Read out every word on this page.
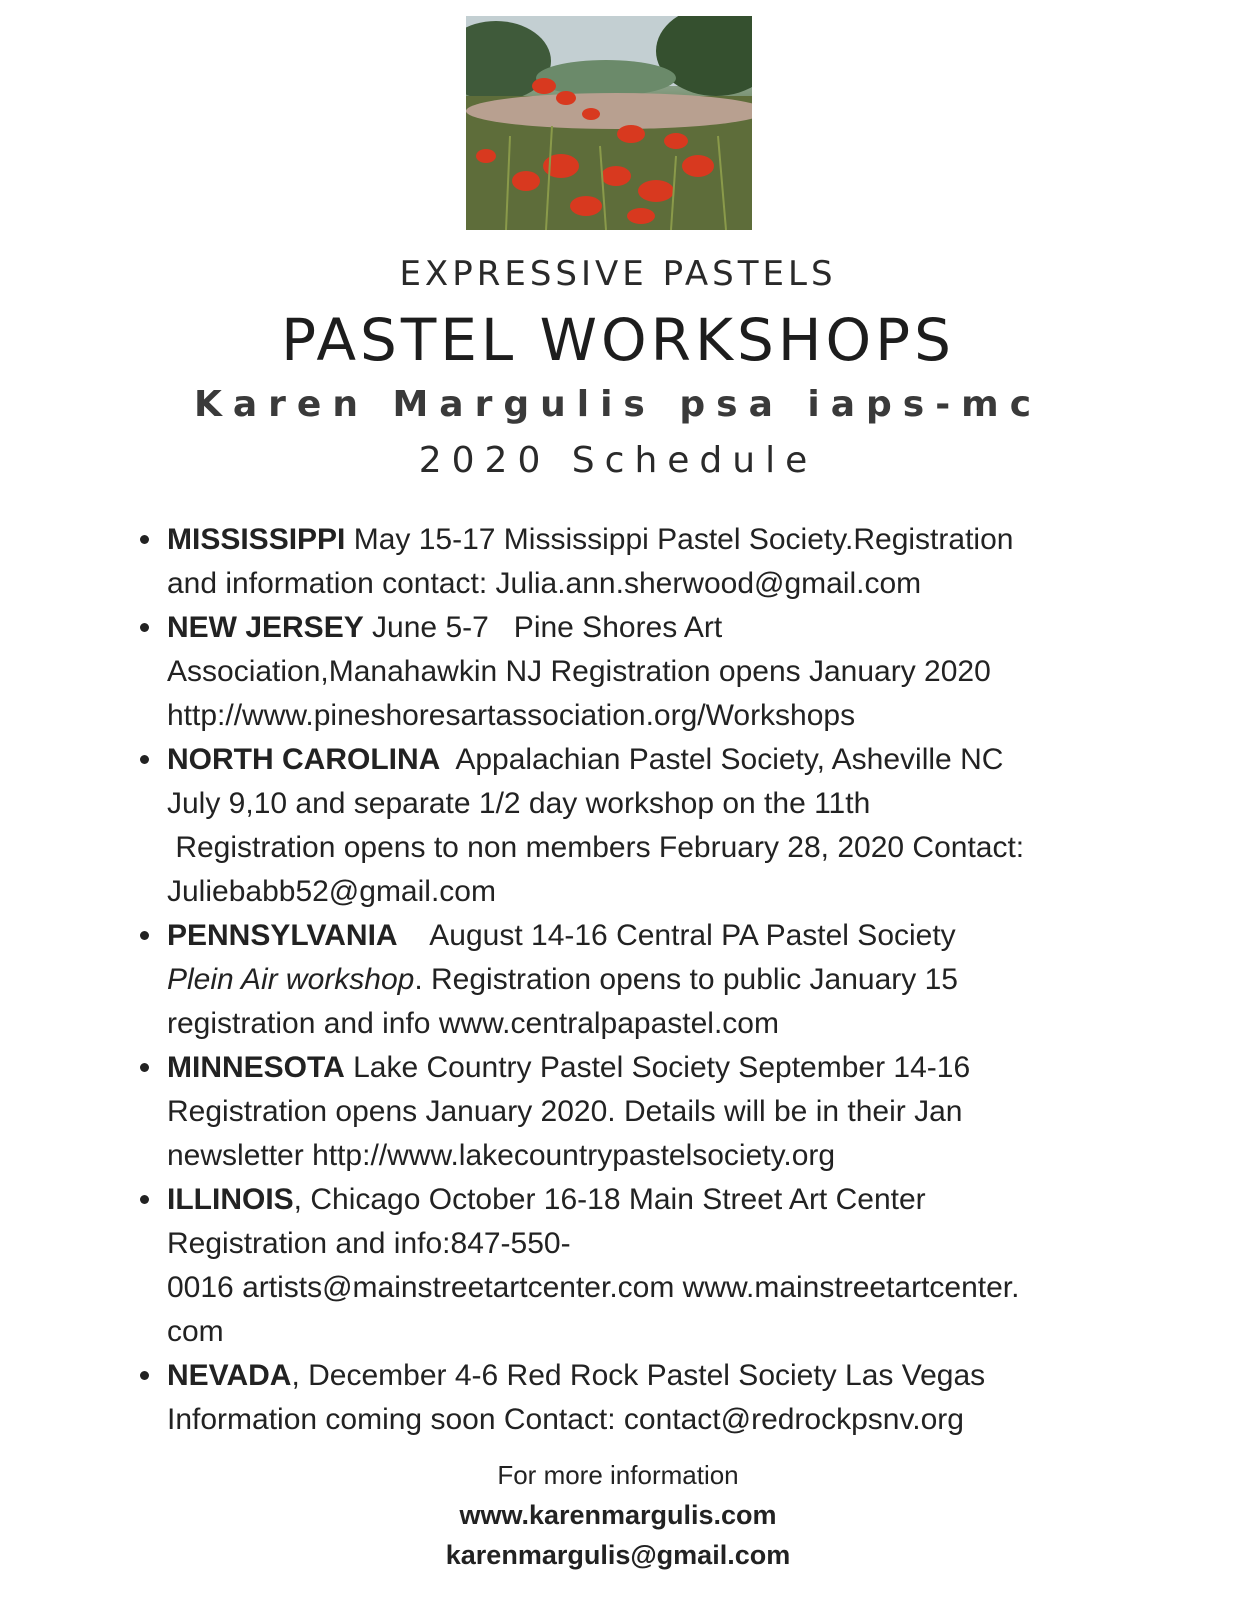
EXPRESSIVE PASTELS
PASTEL WORKSHOPS
Karen Margulis psa iaps-mc
2020 Schedule
MISSISSIPPI May 15-17 Mississippi Pastel Society.Registration
and information contact: Julia.ann.sherwood@gmail.com
NEW JERSEY June 5-7   Pine Shores Art
Association,Manahawkin NJ Registration opens January 2020
http://www.pineshoresartassociation.org/Workshops
NORTH CAROLINA  Appalachian Pastel Society, Asheville NC
July 9,10 and separate 1/2 day workshop on the 11th
Registration opens to non members February 28, 2020 Contact:
Juliebabb52@gmail.com
PENNSYLVANIA    August 14-16 Central PA Pastel Society
Plein Air workshop. Registration opens to public January 15
registration and info www.centralpapastel.com
MINNESOTA Lake Country Pastel Society September 14-16
Registration opens January 2020. Details will be in their Jan
newsletter http://www.lakecountrypastelsociety.org
ILLINOIS, Chicago October 16-18 Main Street Art Center
Registration and info:847-550-
0016 artists@mainstreetartcenter.com www.mainstreetartcenter.
com
NEVADA, December 4-6 Red Rock Pastel Society Las Vegas
Information coming soon Contact: contact@redrockpsnv.org
For more information
www.karenmargulis.com
karenmargulis@gmail.com
